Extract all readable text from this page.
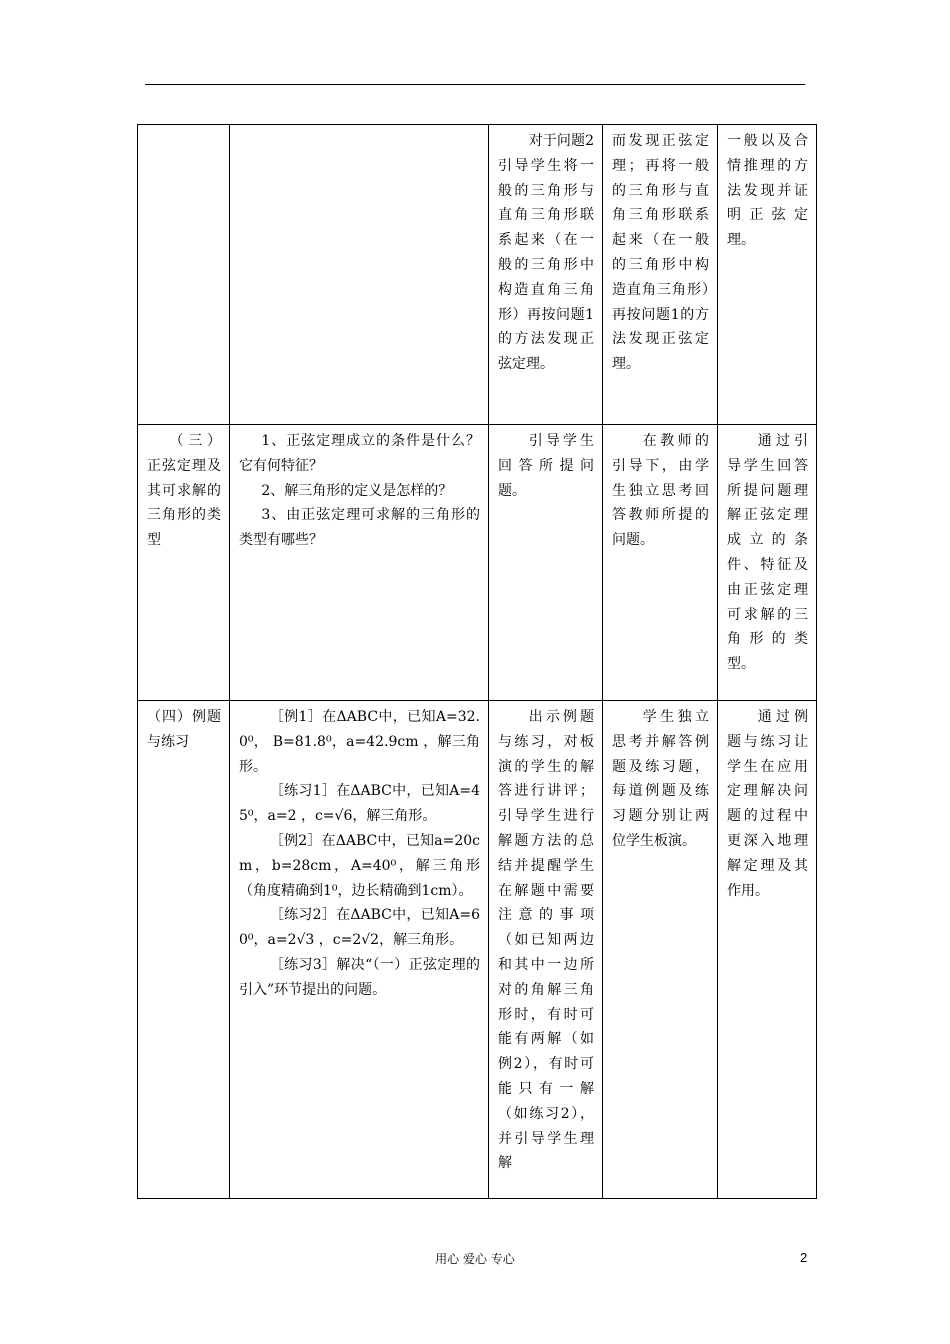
		对于问题2引导学生将一般的三角形与直角三角形联系起来（在一般的三角形中构造直角三角形）再按问题1的方法发现正弦定理。	而发现正弦定理；再将一般的三角形与直角三角形联系起来（在一般的三角形中构造直角三角形）再按问题1的方法发现正弦定理。	一般以及合情推理的方法发现并证明正弦定理。

（三）正弦定理及其可求解的三角形的类型	1、正弦定理成立的条件是什么？它有何特征？

2、解三角形的定义是怎样的？

3、由正弦定理可求解的三角形的类型有哪些？	引导学生回答所提问题。	在教师的引导下，由学生独立思考回答教师所提的问题。	通过引导学生回答所提问题理解正弦定理成立的条件、特征及由正弦定理可求解的三角形的类型。

（四）例题与练习	［例1］在ΔABC中，已知A=32.0⁰， B=81.8⁰，a=42.9cm ，解三角形。

［练习1］在ΔABC中，已知A=45⁰，a=2 ，c=√6，解三角形。

［例2］在ΔABC中，已知a=20cm，b=28cm，A=40⁰，解三角形（角度精确到1⁰，边长精确到1cm）。

［练习2］在ΔABC中，已知A=60⁰，a=2√3 ，c=2√2，解三角形。

［练习3］解决“（一）正弦定理的引入”环节提出的问题。	出示例题与练习，对板演的学生的解答进行讲评；引导学生进行解题方法的总结并提醒学生在解题中需要注意的事项（如已知两边和其中一边所对的角解三角形时，有时可能有两解（如例2），有时可能只有一解（如练习2），并引导学生理解	学生独立思考并解答例题及练习题，每道例题及练习题分别让两位学生板演。	通过例题与练习让学生在应用定理解决问题的过程中更深入地理解定理及其作用。

用心 爱心 专心	2
